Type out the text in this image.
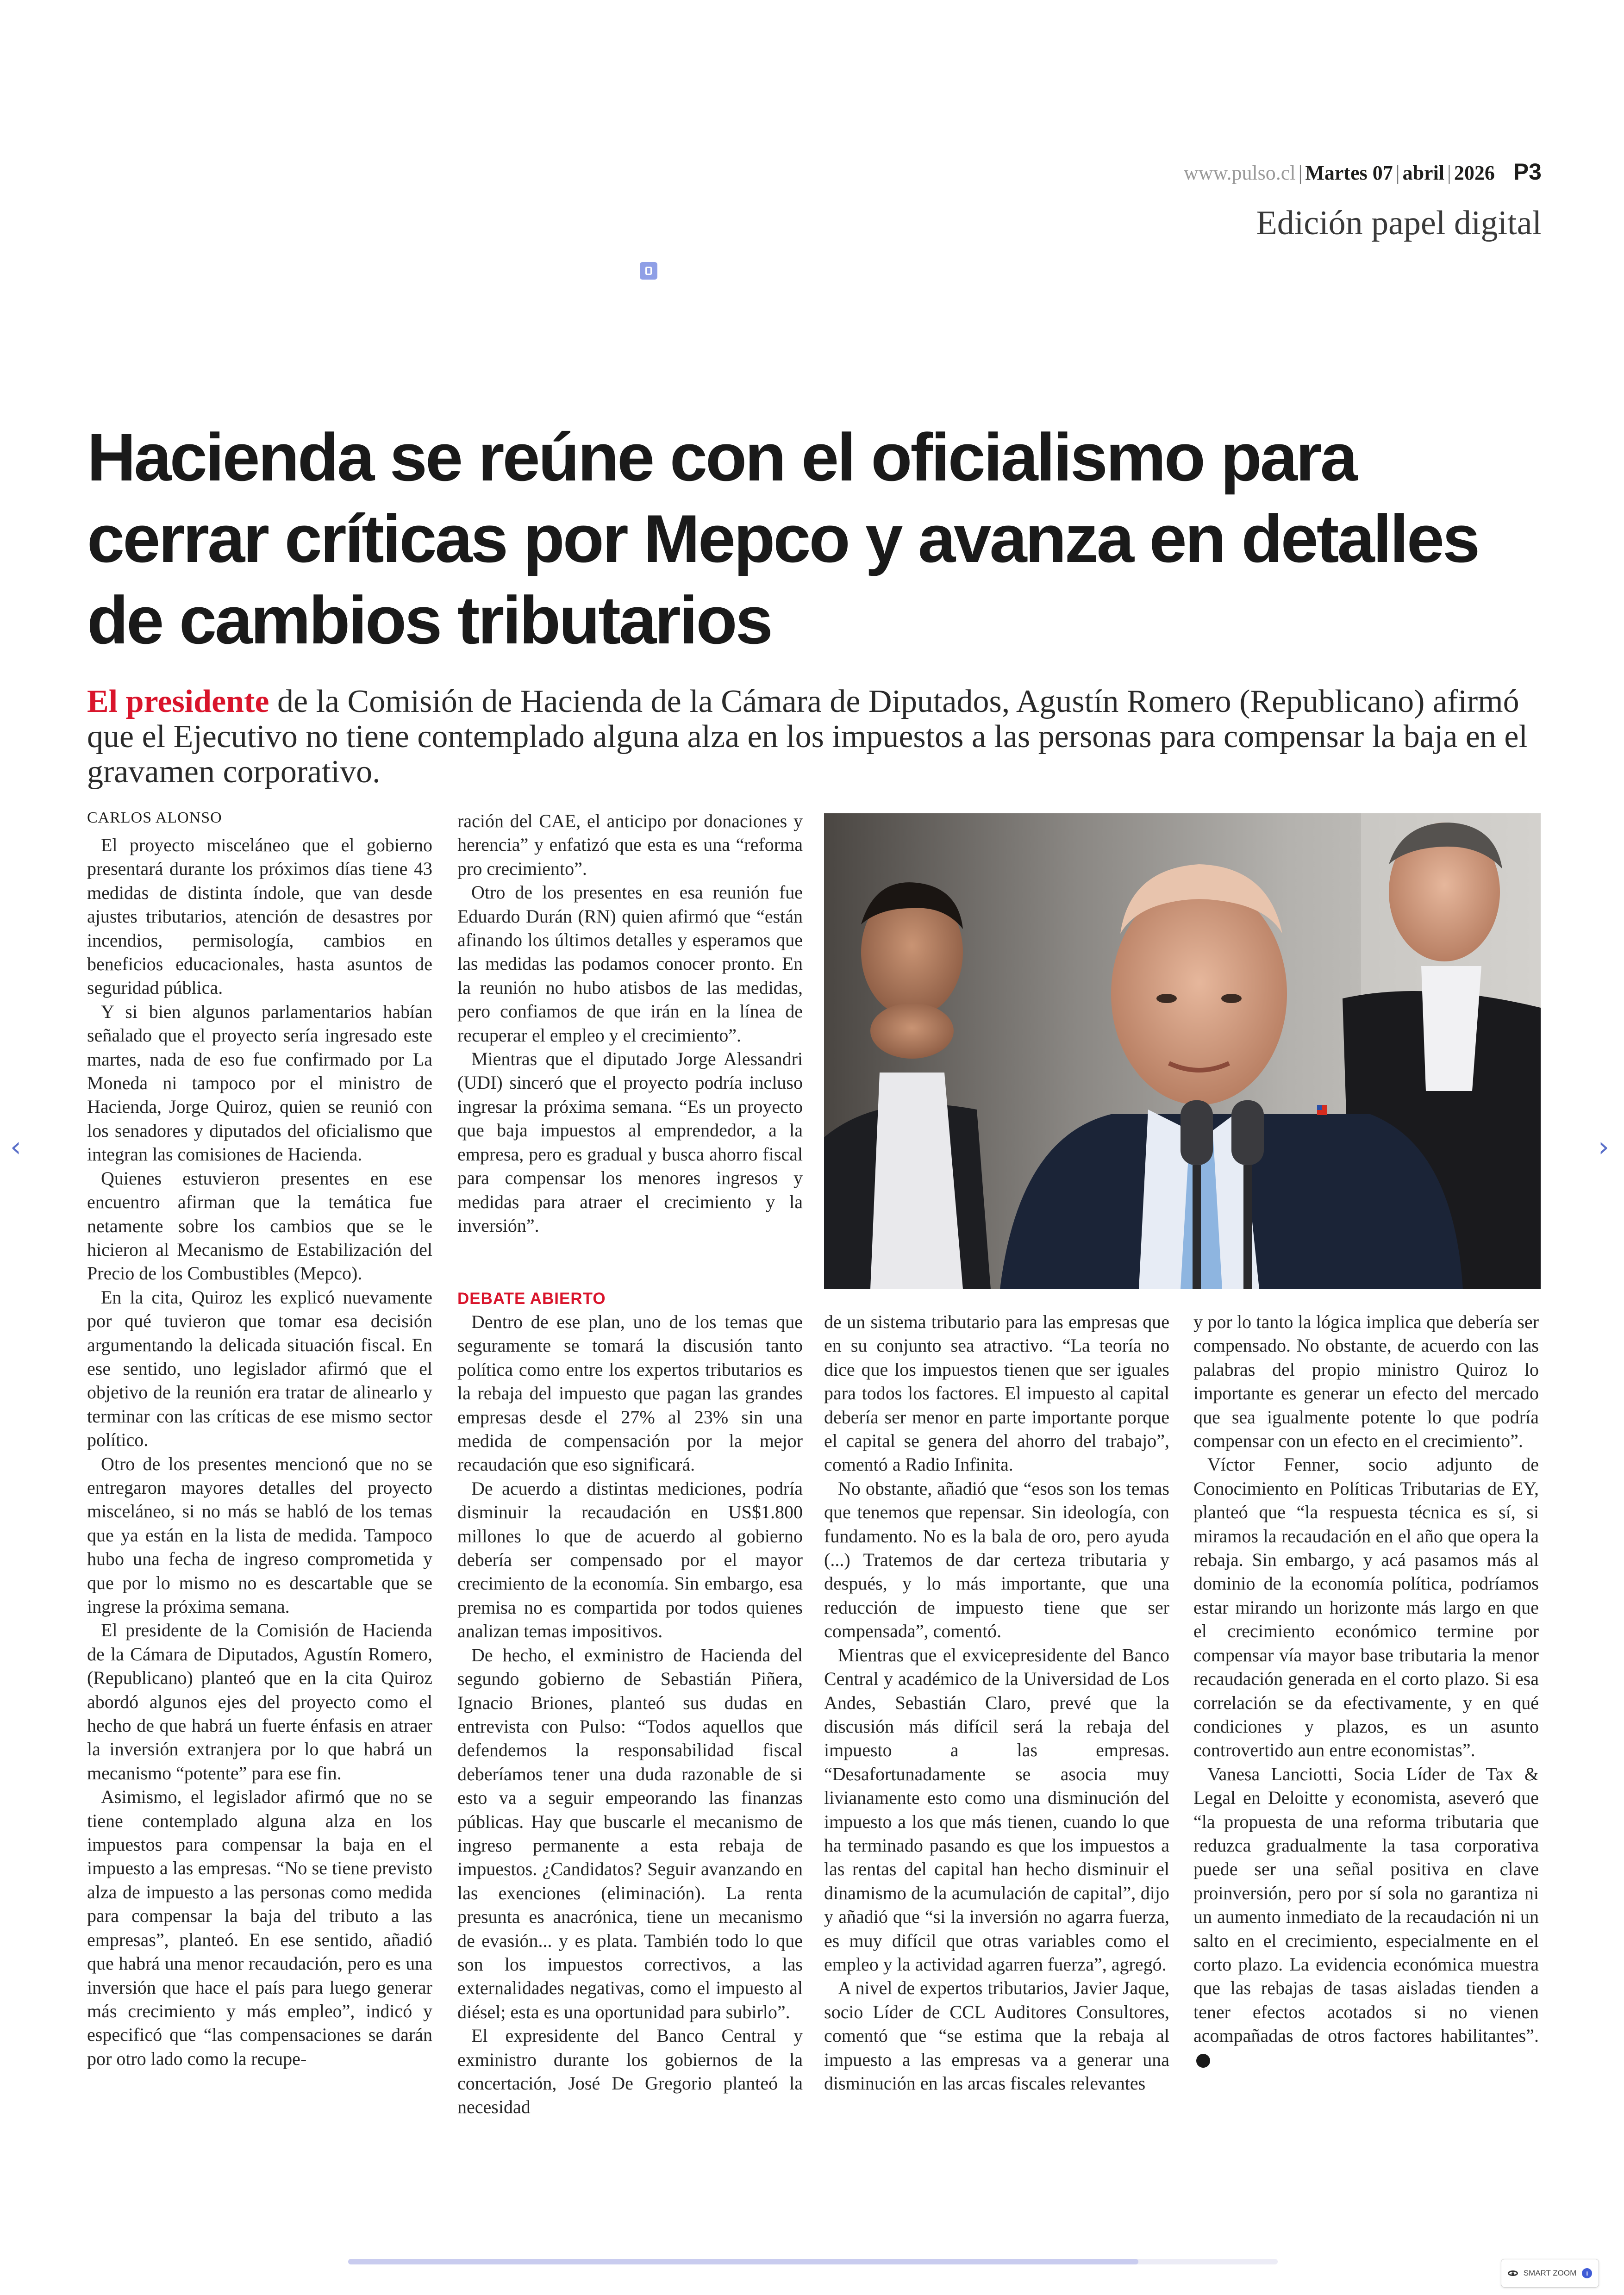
www.pulso.cl | Martes 07 | abril | 2026 P3
Edición papel digital
Hacienda se reúne con el oficialismo para cerrar críticas por Mepco y avanza en detalles de cambios tributarios

El presidente de la Comisión de Hacienda de la Cámara de Diputados, Agustín Romero (Republicano) afirmó que el Ejecutivo no tiene contemplado alguna alza en los impuestos a las personas para compensar la baja en el gravamen corporativo.

CARLOS ALONSO

El proyecto misceláneo que el gobierno presentará durante los próximos días tiene 43 medidas de distinta índole, que van desde ajustes tributarios, atención de desastres por incendios, permisología, cambios en beneficios educacionales, hasta asuntos de seguridad pública.

Y si bien algunos parlamentarios habían señalado que el proyecto sería ingresado este martes, nada de eso fue confirmado por La Moneda ni tampoco por el ministro de Hacienda, Jorge Quiroz, quien se reunió con los senadores y diputados del oficialismo que integran las comisiones de Hacienda.

Quienes estuvieron presentes en ese encuentro afirman que la temática fue netamente sobre los cambios que se le hicieron al Mecanismo de Estabilización del Precio de los Combustibles (Mepco).

En la cita, Quiroz les explicó nuevamente por qué tuvieron que tomar esa decisión argumentando la delicada situación fiscal. En ese sentido, uno legislador afirmó que el objetivo de la reunión era tratar de alinearlo y terminar con las críticas de ese mismo sector político.

Otro de los presentes mencionó que no se entregaron mayores detalles del proyecto misceláneo, si no más se habló de los temas que ya están en la lista de medida. Tampoco hubo una fecha de ingreso comprometida y que por lo mismo no es descartable que se ingrese la próxima semana.

El presidente de la Comisión de Hacienda de la Cámara de Diputados, Agustín Romero, (Republicano) planteó que en la cita Quiroz abordó algunos ejes del proyecto como el hecho de que habrá un fuerte énfasis en atraer la inversión extranjera por lo que habrá un mecanismo “potente” para ese fin.

Asimismo, el legislador afirmó que no se tiene contemplado alguna alza en los impuestos para compensar la baja en el impuesto a las empresas. “No se tiene previsto alza de impuesto a las personas como medida para compensar la baja del tributo a las empresas”, planteó. En ese sentido, añadió que habrá una menor recaudación, pero es una inversión que hace el país para luego generar más crecimiento y más empleo”, indicó y especificó que “las compensaciones se darán por otro lado como la recupe-

ración del CAE, el anticipo por donaciones y herencia” y enfatizó que esta es una “reforma pro crecimiento”.

Otro de los presentes en esa reunión fue Eduardo Durán (RN) quien afirmó que “están afinando los últimos detalles y esperamos que las medidas las podamos conocer pronto. En la reunión no hubo atisbos de las medidas, pero confiamos de que irán en la línea de recuperar el empleo y el crecimiento”.

Mientras que el diputado Jorge Alessandri (UDI) sinceró que el proyecto podría incluso ingresar la próxima semana. “Es un proyecto que baja impuestos al emprendedor, a la empresa, pero es gradual y busca ahorro fiscal para compensar los menores ingresos y medidas para atraer el crecimiento y la inversión”.

DEBATE ABIERTO

Dentro de ese plan, uno de los temas que seguramente se tomará la discusión tanto política como entre los expertos tributarios es la rebaja del impuesto que pagan las grandes empresas desde el 27% al 23% sin una medida de compensación por la mejor recaudación que eso significará.

De acuerdo a distintas mediciones, podría disminuir la recaudación en US$1.800 millones lo que de acuerdo al gobierno debería ser compensado por el mayor crecimiento de la economía. Sin embargo, esa premisa no es compartida por todos quienes analizan temas impositivos.

De hecho, el exministro de Hacienda del segundo gobierno de Sebastián Piñera, Ignacio Briones, planteó sus dudas en entrevista con Pulso: “Todos aquellos que defendemos la responsabilidad fiscal deberíamos tener una duda razonable de si esto va a seguir empeorando las finanzas públicas. Hay que buscarle el mecanismo de ingreso permanente a esta rebaja de impuestos. ¿Candidatos? Seguir avanzando en las exenciones (eliminación). La renta presunta es anacrónica, tiene un mecanismo de evasión... y es plata. También todo lo que son los impuestos correctivos, a las externalidades negativas, como el impuesto al diésel; esta es una oportunidad para subirlo”.

El expresidente del Banco Central y exministro durante los gobiernos de la concertación, José De Gregorio planteó la necesidad

de un sistema tributario para las empresas que en su conjunto sea atractivo. “La teoría no dice que los impuestos tienen que ser iguales para todos los factores. El impuesto al capital debería ser menor en parte importante porque el capital se genera del ahorro del trabajo”, comentó a Radio Infinita.

No obstante, añadió que “esos son los temas que tenemos que repensar. Sin ideología, con fundamento. No es la bala de oro, pero ayuda (...) Tratemos de dar certeza tributaria y después, y lo más importante, que una reducción de impuesto tiene que ser compensada”, comentó.

Mientras que el exvicepresidente del Banco Central y académico de la Universidad de Los Andes, Sebastián Claro, prevé que la discusión más difícil será la rebaja del impuesto a las empresas. “Desafortunadamente se asocia muy livianamente esto como una disminución del impuesto a los que más tienen, cuando lo que ha terminado pasando es que los impuestos a las rentas del capital han hecho disminuir el dinamismo de la acumulación de capital”, dijo y añadió que “si la inversión no agarra fuerza, es muy difícil que otras variables como el empleo y la actividad agarren fuerza”, agregó.

A nivel de expertos tributarios, Javier Jaque, socio Líder de CCL Auditores Consultores, comentó que “se estima que la rebaja al impuesto a las empresas va a generar una disminución en las arcas fiscales relevantes

y por lo tanto la lógica implica que debería ser compensado. No obstante, de acuerdo con las palabras del propio ministro Quiroz lo importante es generar un efecto del mercado que sea igualmente potente lo que podría compensar con un efecto en el crecimiento”.

Víctor Fenner, socio adjunto de Conocimiento en Políticas Tributarias de EY, planteó que “la respuesta técnica es sí, si miramos la recaudación en el año que opera la rebaja. Sin embargo, y acá pasamos más al dominio de la economía política, podríamos estar mirando un horizonte más largo en que el crecimiento económico termine por compensar vía mayor base tributaria la menor recaudación generada en el corto plazo. Si esa correlación se da efectivamente, y en qué condiciones y plazos, es un asunto controvertido aun entre economistas”.

Vanesa Lanciotti, Socia Líder de Tax & Legal en Deloitte y economista, aseveró que “la propuesta de una reforma tributaria que reduzca gradualmente la tasa corporativa puede ser una señal positiva en clave proinversión, pero por sí sola no garantiza ni un aumento inmediato de la recaudación ni un salto en el crecimiento, especialmente en el corto plazo. La evidencia económica muestra que las rebajas de tasas aisladas tienden a tener efectos acotados si no vienen acompañadas de otros factores habilitantes”.

‹	›
SMART ZOOM	i
